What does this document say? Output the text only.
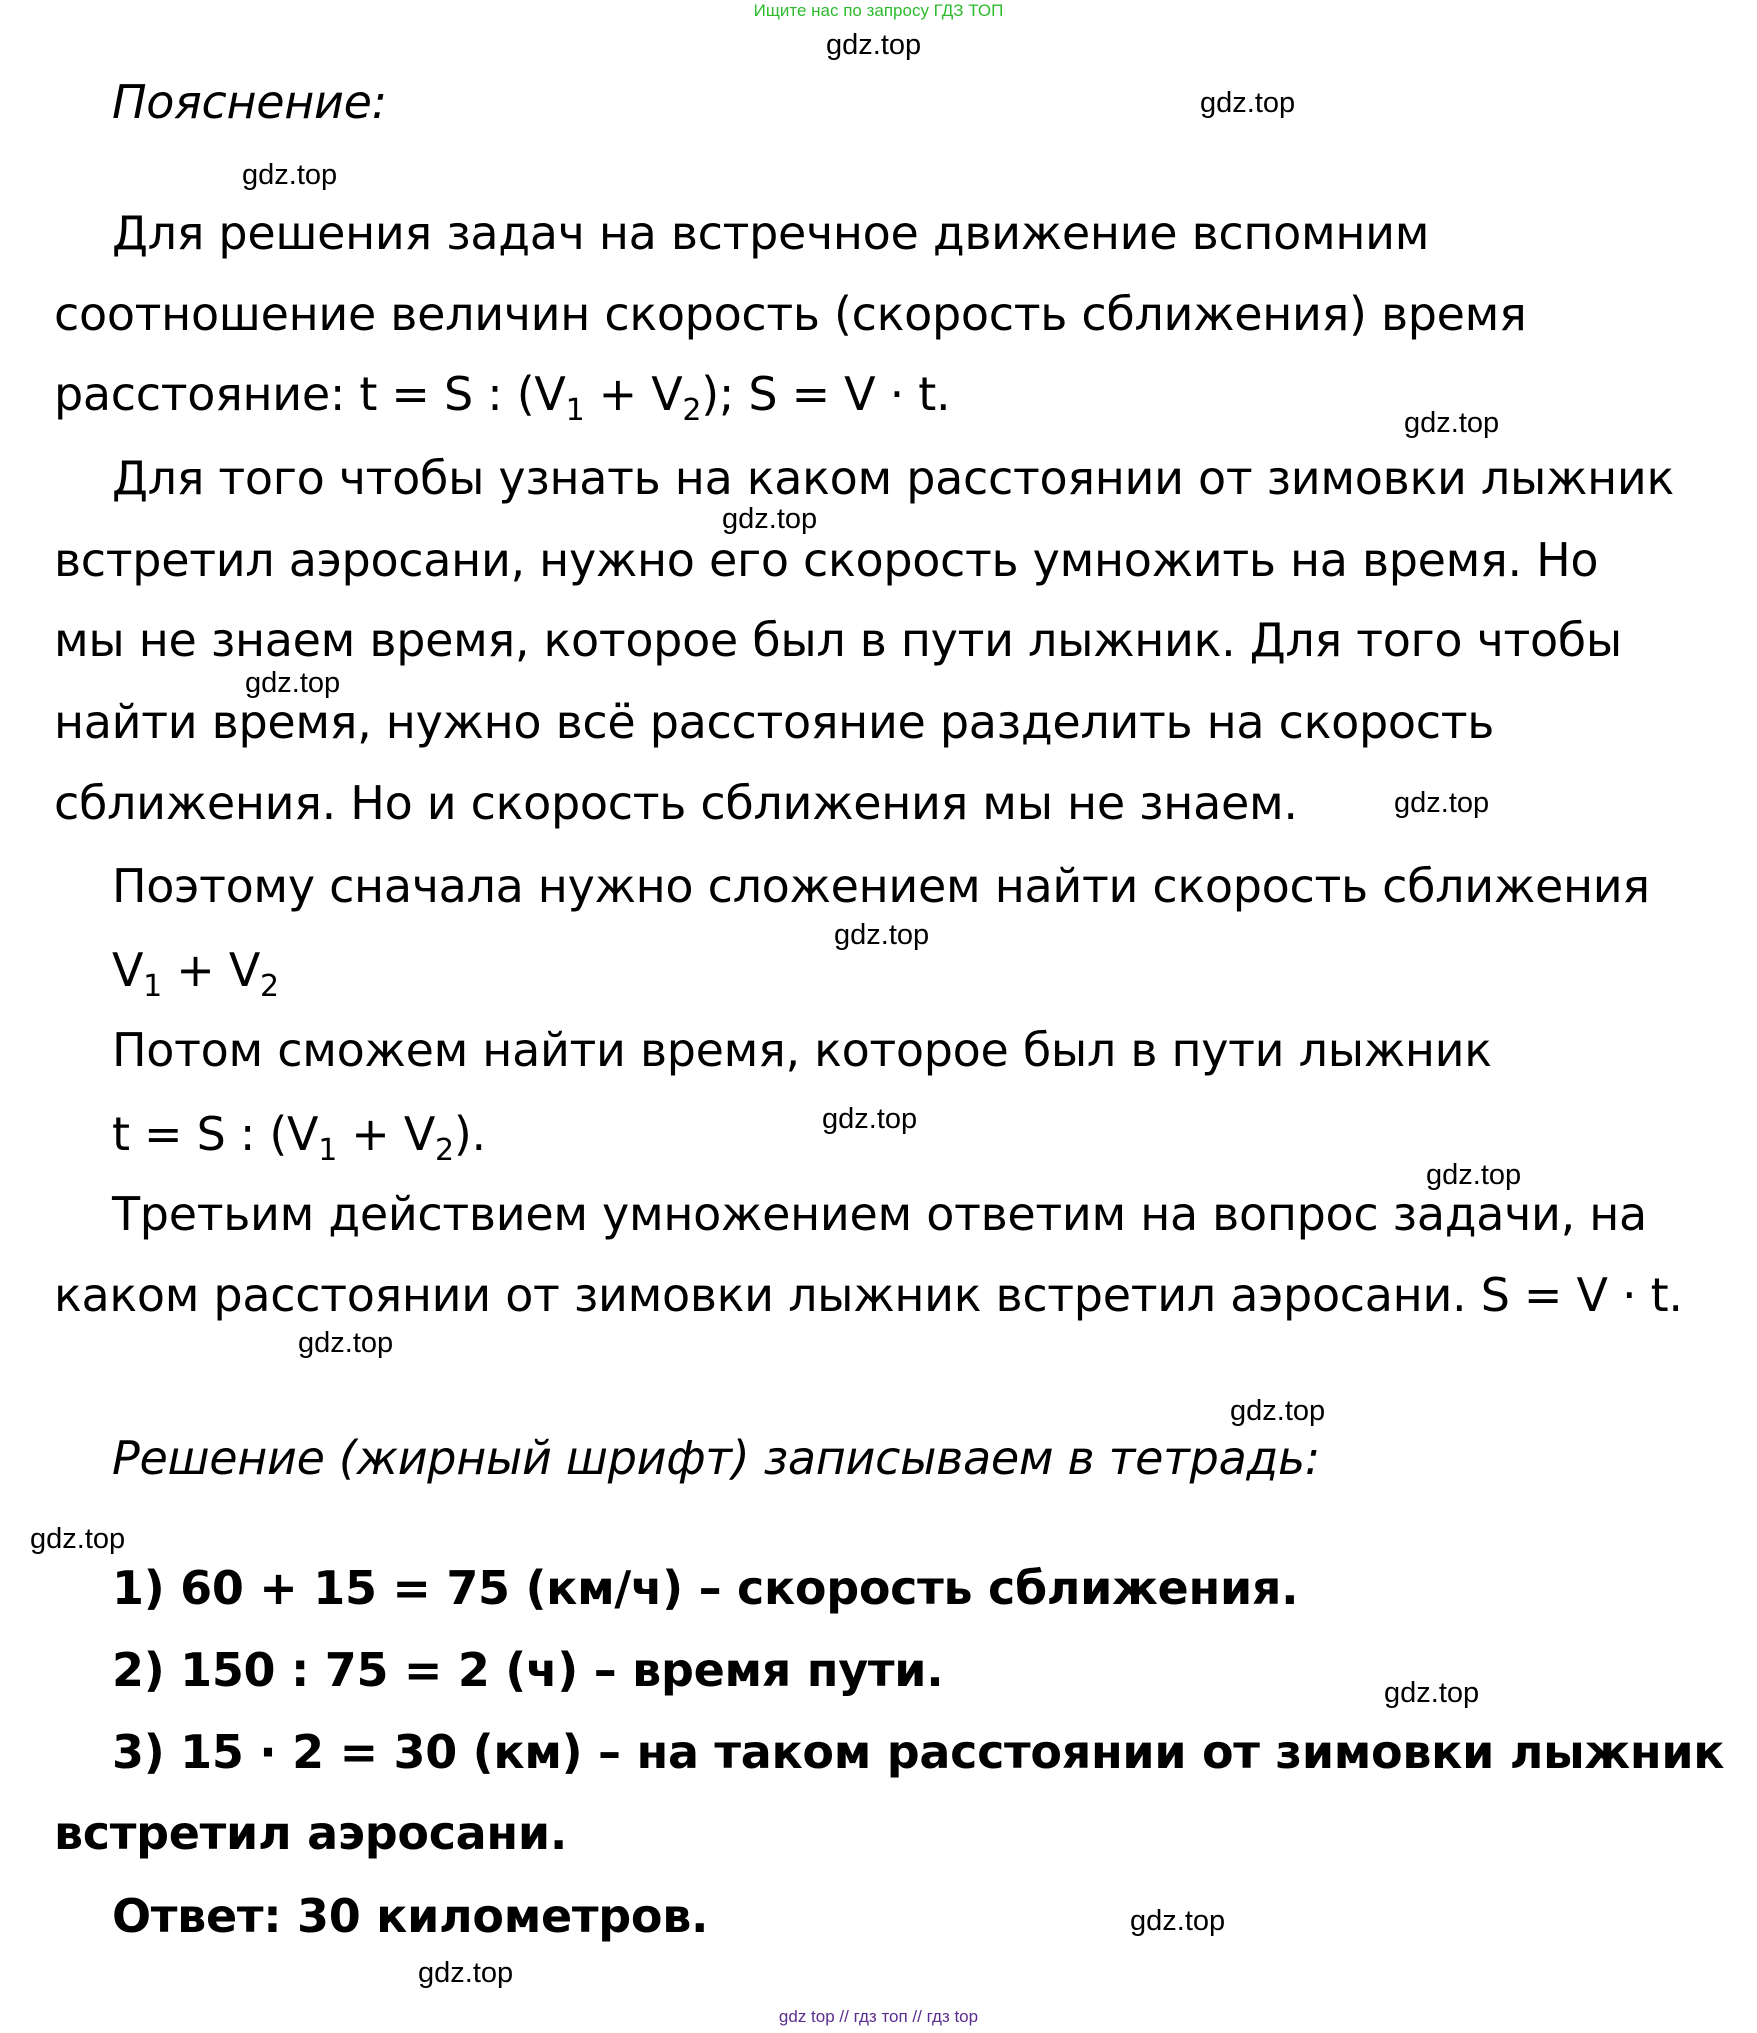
Ищите нас по запросу ГДЗ ТОП
gdz.top
gdz.top
gdz.top
gdz.top
gdz.top
gdz.top
gdz.top
gdz.top
gdz.top
gdz.top
gdz.top
gdz.top
gdz.top
gdz.top
gdz.top
gdz.top
Пояснение:
Для решения задач на встречное движение вспомним
соотношение величин скорость (скорость сближения) время
расстояние: t = S : $(V_1 + V_2)$; S = V · t.
Для того чтобы узнать на каком расстоянии от зимовки лыжник
встретил аэросани, нужно его скорость умножить на время. Но
мы не знаем время, которое был в пути лыжник. Для того чтобы
найти время, нужно всё расстояние разделить на скорость
сближения. Но и скорость сближения мы не знаем.
Поэтому сначала нужно сложением найти скорость сближения
$V_1 + V_2$
Потом сможем найти время, которое был в пути лыжник
t = S : $(V_1 + V_2)$.
Третьим действием умножением ответим на вопрос задачи, на
каком расстоянии от зимовки лыжник встретил аэросани. S = V · t.
Решение (жирный шрифт) записываем в тетрадь:
1) 60 + 15 = 75 (км/ч) – скорость сближения.
2) 150 : 75 = 2 (ч) – время пути.
3) 15 · 2 = 30 (км) – на таком расстоянии от зимовки лыжник
встретил аэросани.
Ответ: 30 километров.
gdz top // гдз топ // гдз top
